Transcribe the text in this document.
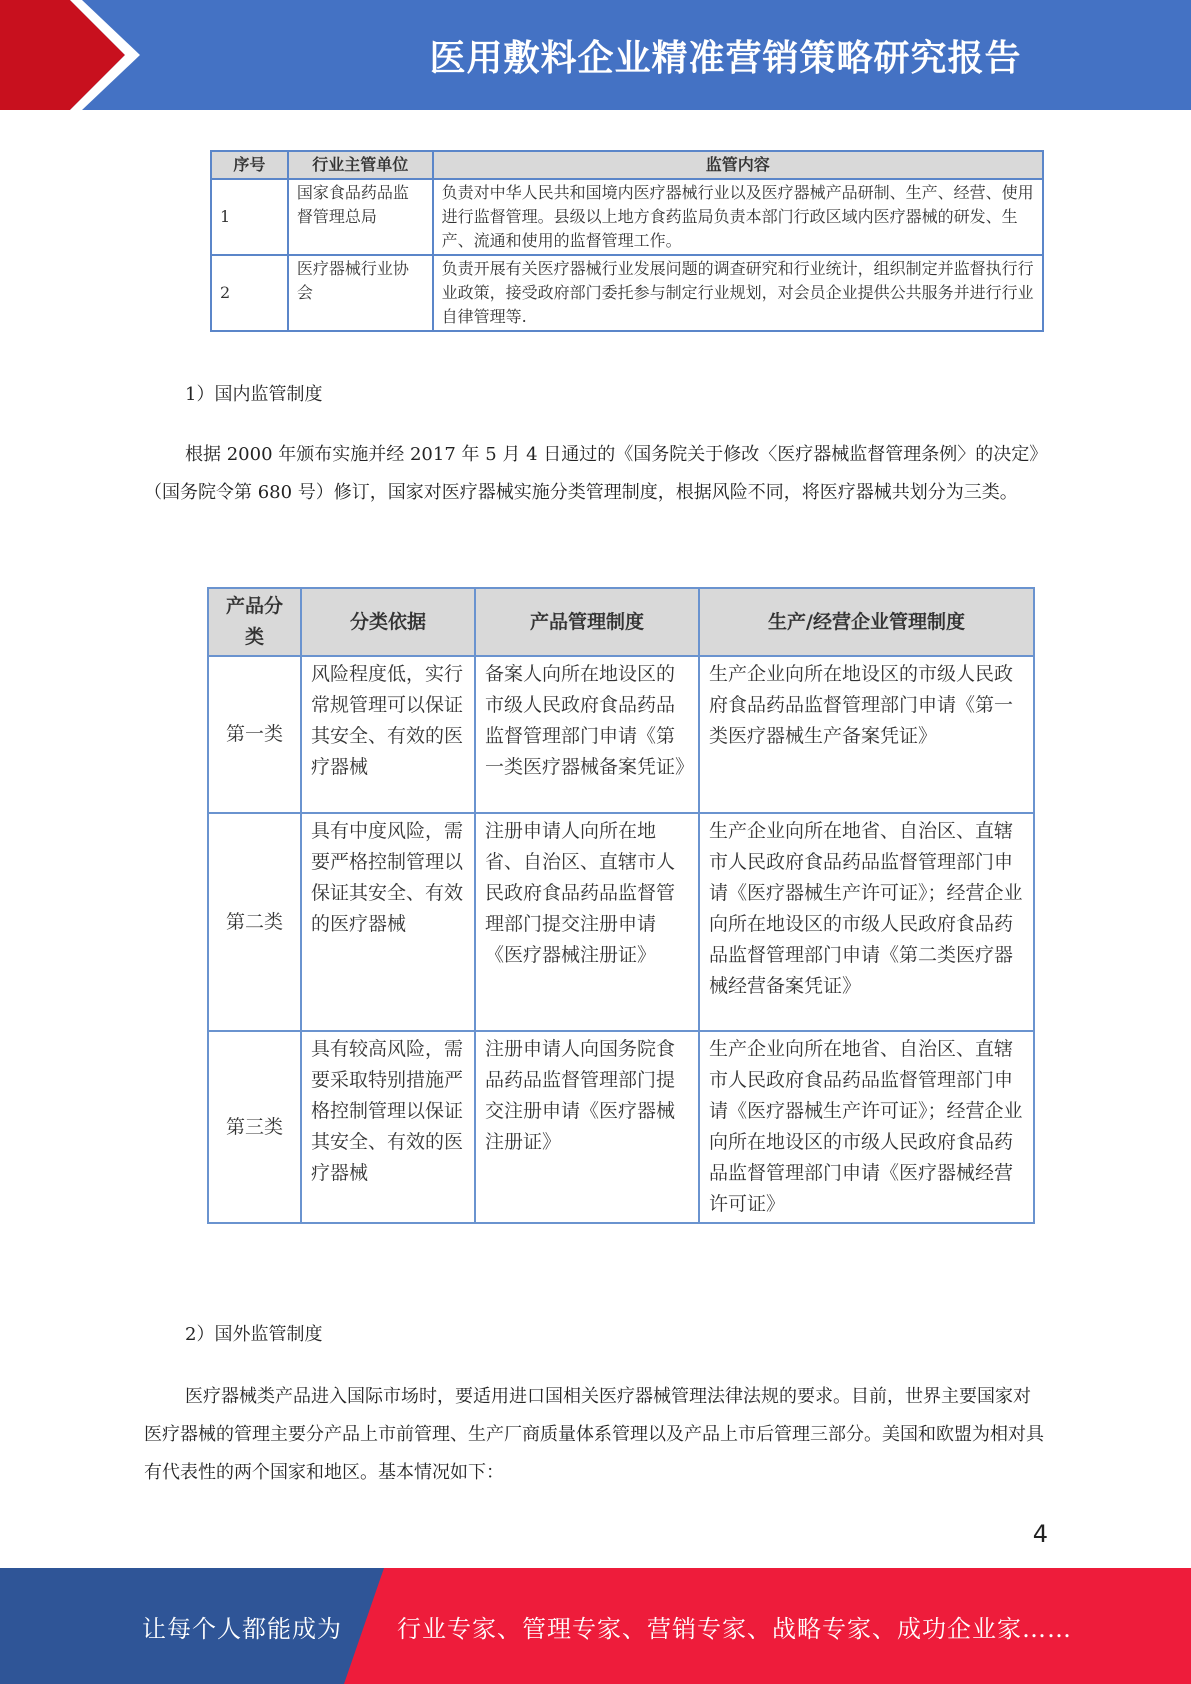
医用敷料企业精准营销策略研究报告
序号	行业主管单位	监管内容
1	国家食品药品监督管理总局	负责对中华人民共和国境内医疗器械行业以及医疗器械产品研制、生产、经营、使用进行监督管理。县级以上地方食药监局负责本部门行政区域内医疗器械的研发、生产、流通和使用的监督管理工作。
2	医疗器械行业协会	负责开展有关医疗器械行业发展问题的调查研究和行业统计，组织制定并监督执行行业政策，接受政府部门委托参与制定行业规划，对会员企业提供公共服务并进行行业自律管理等.
1）国内监管制度
根据 2000 年颁布实施并经 2017 年 5 月 4 日通过的《国务院关于修改〈医疗器械监督管理条例〉的决定》（国务院令第 680 号）修订，国家对医疗器械实施分类管理制度，根据风险不同，将医疗器械共划分为三类。
产品分类	分类依据	产品管理制度	生产/经营企业管理制度
第一类	风险程度低，实行常规管理可以保证其安全、有效的医疗器械	备案人向所在地设区的市级人民政府食品药品监督管理部门申请《第一类医疗器械备案凭证》	生产企业向所在地设区的市级人民政府食品药品监督管理部门申请《第一类医疗器械生产备案凭证》
第二类	具有中度风险，需要严格控制管理以保证其安全、有效的医疗器械	注册申请人向所在地省、自治区、直辖市人民政府食品药品监督管理部门提交注册申请《医疗器械注册证》	生产企业向所在地省、自治区、直辖市人民政府食品药品监督管理部门申请《医疗器械生产许可证》；经营企业向所在地设区的市级人民政府食品药品监督管理部门申请《第二类医疗器械经营备案凭证》
第三类	具有较高风险，需要采取特别措施严格控制管理以保证其安全、有效的医疗器械	注册申请人向国务院食品药品监督管理部门提交注册申请《医疗器械注册证》	生产企业向所在地省、自治区、直辖市人民政府食品药品监督管理部门申请《医疗器械生产许可证》；经营企业向所在地设区的市级人民政府食品药品监督管理部门申请《医疗器械经营许可证》
2）国外监管制度
医疗器械类产品进入国际市场时，要适用进口国相关医疗器械管理法律法规的要求。目前，世界主要国家对医疗器械的管理主要分产品上市前管理、生产厂商质量体系管理以及产品上市后管理三部分。美国和欧盟为相对具有代表性的两个国家和地区。基本情况如下：
4
让每个人都能成为 行业专家、管理专家、营销专家、战略专家、成功企业家……
